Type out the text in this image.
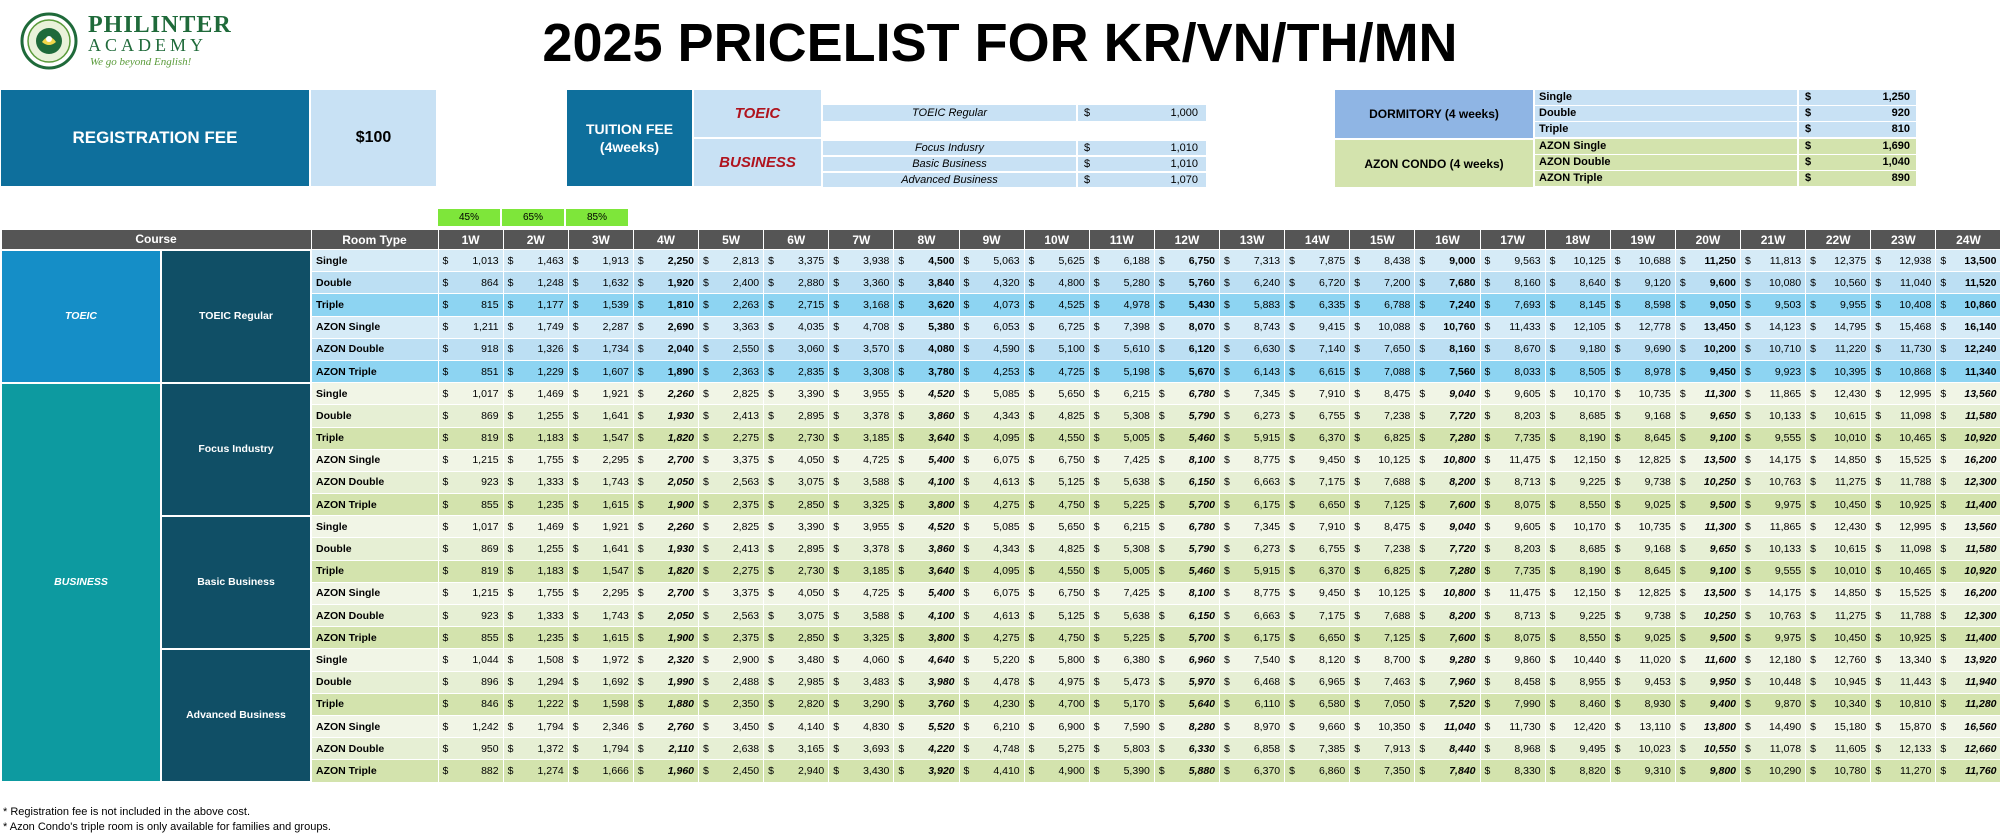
PHILINTER
ACADEMY
We go beyond English!	2025 PRICELIST FOR KR/VN/TH/MN
REGISTRATION FEE	$100	TUITION FEE
(4weeks)
TOEIC
BUSINESS
TOEIC Regular	$	1,000
Focus Indusry	$	1,010
Basic Business	$	1,010
Advanced Business	$	1,070
DORMITORY (4 weeks)
AZON CONDO (4 weeks)
Single	$	1,250
Double	$	920
Triple	$	810
AZON Single	$	1,690
AZON Double	$	1,040
AZON Triple	$	890
45%	65%	85%
Course		Room Type	1W	2W	3W	4W	5W	6W	7W	8W	9W	10W	11W	12W	13W	14W	15W	16W	17W	18W	19W	20W	21W	22W	23W	24W
TOEIC	TOEIC Regular	Single	$ 1,013	$ 1,463	$ 1,913	$ 2,250	$ 2,813	$ 3,375	$ 3,938	$ 4,500	$ 5,063	$ 5,625	$ 6,188	$ 6,750	$ 7,313	$ 7,875	$ 8,438	$ 9,000	$ 9,563	$ 10,125	$ 10,688	$ 11,250	$ 11,813	$ 12,375	$ 12,938	$ 13,500

		Double	$ 864	$ 1,248	$ 1,632	$ 1,920	$ 2,400	$ 2,880	$ 3,360	$ 3,840	$ 4,320	$ 4,800	$ 5,280	$ 5,760	$ 6,240	$ 6,720	$ 7,200	$ 7,680	$ 8,160	$ 8,640	$ 9,120	$ 9,600	$ 10,080	$ 10,560	$ 11,040	$ 11,520

		Triple	$ 815	$ 1,177	$ 1,539	$ 1,810	$ 2,263	$ 2,715	$ 3,168	$ 3,620	$ 4,073	$ 4,525	$ 4,978	$ 5,430	$ 5,883	$ 6,335	$ 6,788	$ 7,240	$ 7,693	$ 8,145	$ 8,598	$ 9,050	$ 9,503	$ 9,955	$ 10,408	$ 10,860

		AZON Single	$ 1,211	$ 1,749	$ 2,287	$ 2,690	$ 3,363	$ 4,035	$ 4,708	$ 5,380	$ 6,053	$ 6,725	$ 7,398	$ 8,070	$ 8,743	$ 9,415	$ 10,088	$ 10,760	$ 11,433	$ 12,105	$ 12,778	$ 13,450	$ 14,123	$ 14,795	$ 15,468	$ 16,140

		AZON Double	$ 918	$ 1,326	$ 1,734	$ 2,040	$ 2,550	$ 3,060	$ 3,570	$ 4,080	$ 4,590	$ 5,100	$ 5,610	$ 6,120	$ 6,630	$ 7,140	$ 7,650	$ 8,160	$ 8,670	$ 9,180	$ 9,690	$ 10,200	$ 10,710	$ 11,220	$ 11,730	$ 12,240

		AZON Triple	$ 851	$ 1,229	$ 1,607	$ 1,890	$ 2,363	$ 2,835	$ 3,308	$ 3,780	$ 4,253	$ 4,725	$ 5,198	$ 5,670	$ 6,143	$ 6,615	$ 7,088	$ 7,560	$ 8,033	$ 8,505	$ 8,978	$ 9,450	$ 9,923	$ 10,395	$ 10,868	$ 11,340

BUSINESS	Focus Industry	Single	$ 1,017	$ 1,469	$ 1,921	$ 2,260	$ 2,825	$ 3,390	$ 3,955	$ 4,520	$ 5,085	$ 5,650	$ 6,215	$ 6,780	$ 7,345	$ 7,910	$ 8,475	$ 9,040	$ 9,605	$ 10,170	$ 10,735	$ 11,300	$ 11,865	$ 12,430	$ 12,995	$ 13,560

		Double	$ 869	$ 1,255	$ 1,641	$ 1,930	$ 2,413	$ 2,895	$ 3,378	$ 3,860	$ 4,343	$ 4,825	$ 5,308	$ 5,790	$ 6,273	$ 6,755	$ 7,238	$ 7,720	$ 8,203	$ 8,685	$ 9,168	$ 9,650	$ 10,133	$ 10,615	$ 11,098	$ 11,580

		Triple	$ 819	$ 1,183	$ 1,547	$ 1,820	$ 2,275	$ 2,730	$ 3,185	$ 3,640	$ 4,095	$ 4,550	$ 5,005	$ 5,460	$ 5,915	$ 6,370	$ 6,825	$ 7,280	$ 7,735	$ 8,190	$ 8,645	$ 9,100	$ 9,555	$ 10,010	$ 10,465	$ 10,920

		AZON Single	$ 1,215	$ 1,755	$ 2,295	$ 2,700	$ 3,375	$ 4,050	$ 4,725	$ 5,400	$ 6,075	$ 6,750	$ 7,425	$ 8,100	$ 8,775	$ 9,450	$ 10,125	$ 10,800	$ 11,475	$ 12,150	$ 12,825	$ 13,500	$ 14,175	$ 14,850	$ 15,525	$ 16,200

		AZON Double	$ 923	$ 1,333	$ 1,743	$ 2,050	$ 2,563	$ 3,075	$ 3,588	$ 4,100	$ 4,613	$ 5,125	$ 5,638	$ 6,150	$ 6,663	$ 7,175	$ 7,688	$ 8,200	$ 8,713	$ 9,225	$ 9,738	$ 10,250	$ 10,763	$ 11,275	$ 11,788	$ 12,300

		AZON Triple	$ 855	$ 1,235	$ 1,615	$ 1,900	$ 2,375	$ 2,850	$ 3,325	$ 3,800	$ 4,275	$ 4,750	$ 5,225	$ 5,700	$ 6,175	$ 6,650	$ 7,125	$ 7,600	$ 8,075	$ 8,550	$ 9,025	$ 9,500	$ 9,975	$ 10,450	$ 10,925	$ 11,400

	Basic Business	Single	$ 1,017	$ 1,469	$ 1,921	$ 2,260	$ 2,825	$ 3,390	$ 3,955	$ 4,520	$ 5,085	$ 5,650	$ 6,215	$ 6,780	$ 7,345	$ 7,910	$ 8,475	$ 9,040	$ 9,605	$ 10,170	$ 10,735	$ 11,300	$ 11,865	$ 12,430	$ 12,995	$ 13,560

		Double	$ 869	$ 1,255	$ 1,641	$ 1,930	$ 2,413	$ 2,895	$ 3,378	$ 3,860	$ 4,343	$ 4,825	$ 5,308	$ 5,790	$ 6,273	$ 6,755	$ 7,238	$ 7,720	$ 8,203	$ 8,685	$ 9,168	$ 9,650	$ 10,133	$ 10,615	$ 11,098	$ 11,580

		Triple	$ 819	$ 1,183	$ 1,547	$ 1,820	$ 2,275	$ 2,730	$ 3,185	$ 3,640	$ 4,095	$ 4,550	$ 5,005	$ 5,460	$ 5,915	$ 6,370	$ 6,825	$ 7,280	$ 7,735	$ 8,190	$ 8,645	$ 9,100	$ 9,555	$ 10,010	$ 10,465	$ 10,920

		AZON Single	$ 1,215	$ 1,755	$ 2,295	$ 2,700	$ 3,375	$ 4,050	$ 4,725	$ 5,400	$ 6,075	$ 6,750	$ 7,425	$ 8,100	$ 8,775	$ 9,450	$ 10,125	$ 10,800	$ 11,475	$ 12,150	$ 12,825	$ 13,500	$ 14,175	$ 14,850	$ 15,525	$ 16,200

		AZON Double	$ 923	$ 1,333	$ 1,743	$ 2,050	$ 2,563	$ 3,075	$ 3,588	$ 4,100	$ 4,613	$ 5,125	$ 5,638	$ 6,150	$ 6,663	$ 7,175	$ 7,688	$ 8,200	$ 8,713	$ 9,225	$ 9,738	$ 10,250	$ 10,763	$ 11,275	$ 11,788	$ 12,300

		AZON Triple	$ 855	$ 1,235	$ 1,615	$ 1,900	$ 2,375	$ 2,850	$ 3,325	$ 3,800	$ 4,275	$ 4,750	$ 5,225	$ 5,700	$ 6,175	$ 6,650	$ 7,125	$ 7,600	$ 8,075	$ 8,550	$ 9,025	$ 9,500	$ 9,975	$ 10,450	$ 10,925	$ 11,400

	Advanced Business	Single	$ 1,044	$ 1,508	$ 1,972	$ 2,320	$ 2,900	$ 3,480	$ 4,060	$ 4,640	$ 5,220	$ 5,800	$ 6,380	$ 6,960	$ 7,540	$ 8,120	$ 8,700	$ 9,280	$ 9,860	$ 10,440	$ 11,020	$ 11,600	$ 12,180	$ 12,760	$ 13,340	$ 13,920

		Double	$ 896	$ 1,294	$ 1,692	$ 1,990	$ 2,488	$ 2,985	$ 3,483	$ 3,980	$ 4,478	$ 4,975	$ 5,473	$ 5,970	$ 6,468	$ 6,965	$ 7,463	$ 7,960	$ 8,458	$ 8,955	$ 9,453	$ 9,950	$ 10,448	$ 10,945	$ 11,443	$ 11,940

		Triple	$ 846	$ 1,222	$ 1,598	$ 1,880	$ 2,350	$ 2,820	$ 3,290	$ 3,760	$ 4,230	$ 4,700	$ 5,170	$ 5,640	$ 6,110	$ 6,580	$ 7,050	$ 7,520	$ 7,990	$ 8,460	$ 8,930	$ 9,400	$ 9,870	$ 10,340	$ 10,810	$ 11,280

		AZON Single	$ 1,242	$ 1,794	$ 2,346	$ 2,760	$ 3,450	$ 4,140	$ 4,830	$ 5,520	$ 6,210	$ 6,900	$ 7,590	$ 8,280	$ 8,970	$ 9,660	$ 10,350	$ 11,040	$ 11,730	$ 12,420	$ 13,110	$ 13,800	$ 14,490	$ 15,180	$ 15,870	$ 16,560

		AZON Double	$ 950	$ 1,372	$ 1,794	$ 2,110	$ 2,638	$ 3,165	$ 3,693	$ 4,220	$ 4,748	$ 5,275	$ 5,803	$ 6,330	$ 6,858	$ 7,385	$ 7,913	$ 8,440	$ 8,968	$ 9,495	$ 10,023	$ 10,550	$ 11,078	$ 11,605	$ 12,133	$ 12,660

		AZON Triple	$ 882	$ 1,274	$ 1,666	$ 1,960	$ 2,450	$ 2,940	$ 3,430	$ 3,920	$ 4,410	$ 4,900	$ 5,390	$ 5,880	$ 6,370	$ 6,860	$ 7,350	$ 7,840	$ 8,330	$ 8,820	$ 9,310	$ 9,800	$ 10,290	$ 10,780	$ 11,270	$ 11,760
* Registration fee is not included in the above cost.
* Azon Condo's triple room is only available for families and groups.
